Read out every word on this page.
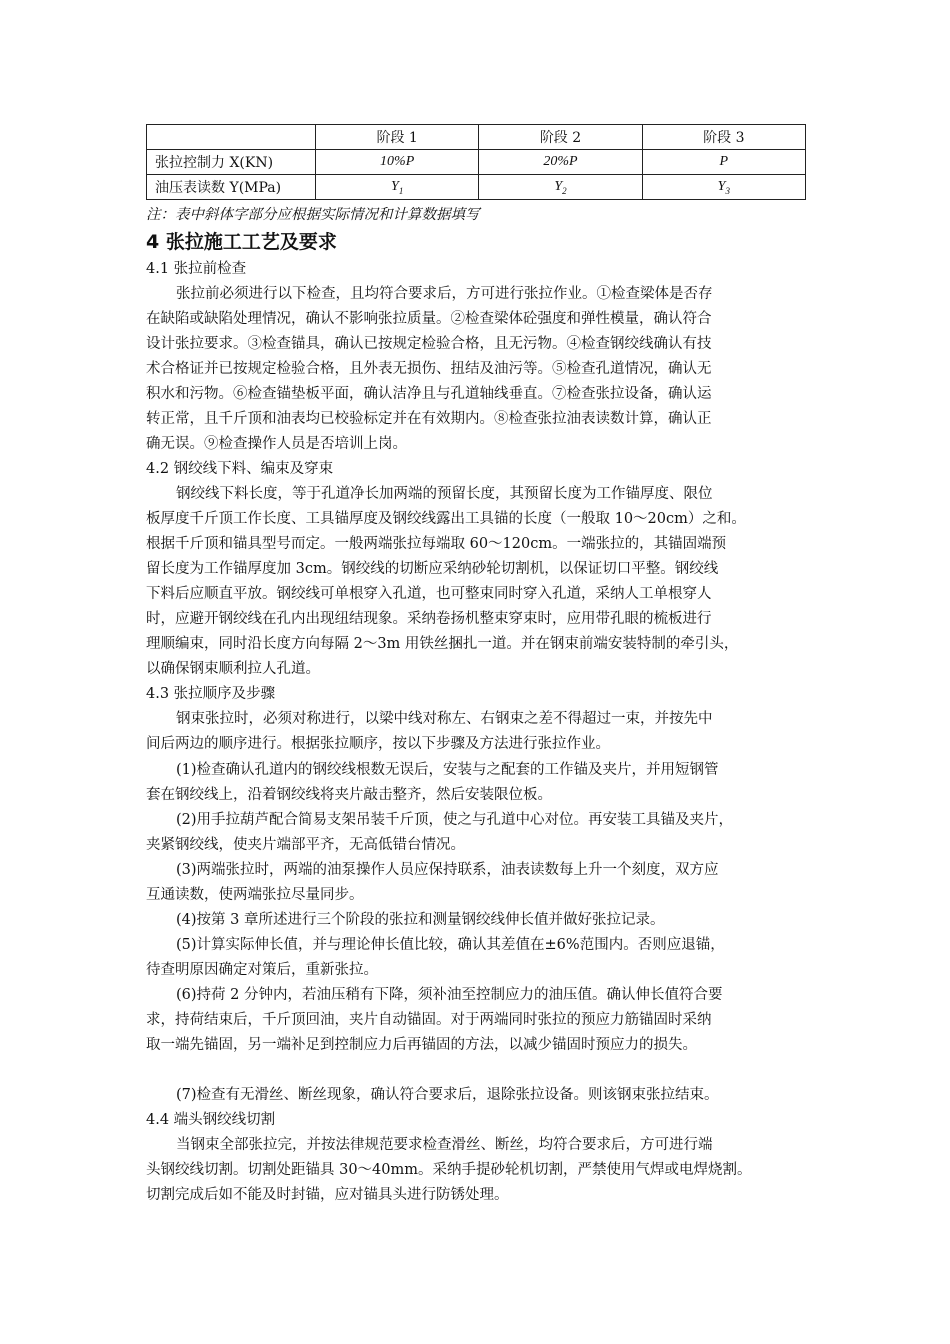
	阶段 1	阶段 2	阶段 3
张拉控制力 X(KN)	10%P	20%P	P
油压表读数 Y(MPa)	$Y_1$	$Y_2$	$Y_3$
注：表中斜体字部分应根据实际情况和计算数据填写
4 张拉施工工艺及要求
4.1 张拉前检查
张拉前必须进行以下检查，且均符合要求后，方可进行张拉作业。①检查梁体是否存
在缺陷或缺陷处理情况，确认不影响张拉质量。②检查梁体砼强度和弹性模量，确认符合
设计张拉要求。③检查锚具，确认已按规定检验合格，且无污物。④检查钢绞线确认有技
术合格证并已按规定检验合格，且外表无损伤、扭结及油污等。⑤检查孔道情况，确认无
积水和污物。⑥检查锚垫板平面，确认洁净且与孔道轴线垂直。⑦检查张拉设备，确认运
转正常，且千斤顶和油表均已校验标定并在有效期内。⑧检查张拉油表读数计算，确认正
确无误。⑨检查操作人员是否培训上岗。
4.2 钢绞线下料、编束及穿束
钢绞线下料长度，等于孔道净长加两端的预留长度，其预留长度为工作锚厚度、限位
板厚度千斤顶工作长度、工具锚厚度及钢绞线露出工具锚的长度（一般取 10～20cm）之和。
根据千斤顶和锚具型号而定。一般两端张拉每端取 60～120cm。一端张拉的，其锚固端预
留长度为工作锚厚度加 3cm。钢绞线的切断应采纳砂轮切割机，以保证切口平整。钢绞线
下料后应顺直平放。钢绞线可单根穿入孔道，也可整束同时穿入孔道，采纳人工单根穿人
时，应避开钢绞线在孔内出现纽结现象。采纳卷扬机整束穿束时，应用带孔眼的梳板进行
理顺编束，同时沿长度方向每隔 2～3m 用铁丝捆扎一道。并在钢束前端安装特制的牵引头，
以确保钢束顺利拉人孔道。
4.3 张拉顺序及步骤
钢束张拉时，必须对称进行，以梁中线对称左、右钢束之差不得超过一束，并按先中
间后两边的顺序进行。根据张拉顺序，按以下步骤及方法进行张拉作业。
(1)检查确认孔道内的钢绞线根数无误后，安装与之配套的工作锚及夹片，并用短钢管
套在钢绞线上，沿着钢绞线将夹片敲击整齐，然后安装限位板。
(2)用手拉葫芦配合简易支架吊装千斤顶，使之与孔道中心对位。再安装工具锚及夹片，
夹紧钢绞线，使夹片端部平齐，无高低错台情况。
(3)两端张拉时，两端的油泵操作人员应保持联系，油表读数每上升一个刻度，双方应
互通读数，使两端张拉尽量同步。
(4)按第 3 章所述进行三个阶段的张拉和测量钢绞线伸长值并做好张拉记录。
(5)计算实际伸长值，并与理论伸长值比较，确认其差值在±6%范围内。否则应退锚，
待查明原因确定对策后，重新张拉。
(6)持荷 2 分钟内，若油压稍有下降，须补油至控制应力的油压值。确认伸长值符合要
求，持荷结束后，千斤顶回油，夹片自动锚固。对于两端同时张拉的预应力筋锚固时采纳
取一端先锚固，另一端补足到控制应力后再锚固的方法，以减少锚固时预应力的损失。
(7)检查有无滑丝、断丝现象，确认符合要求后，退除张拉设备。则该钢束张拉结束。
4.4 端头钢绞线切割
当钢束全部张拉完，并按法律规范要求检查滑丝、断丝，均符合要求后，方可进行端
头钢绞线切割。切割处距锚具 30～40mm。采纳手提砂轮机切割，严禁使用气焊或电焊烧割。
切割完成后如不能及时封锚，应对锚具头进行防锈处理。
